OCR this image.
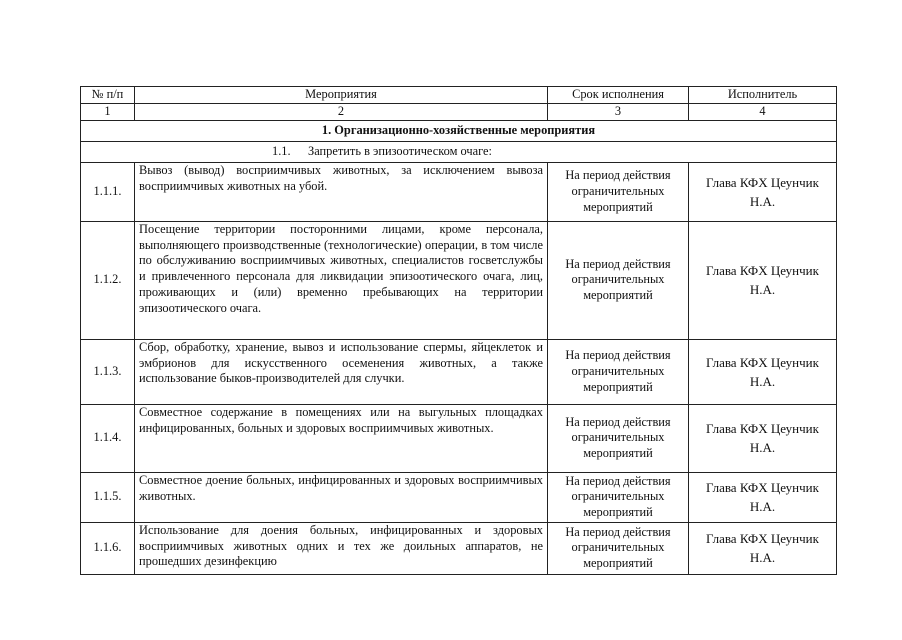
№ п/п	Мероприятия	Срок исполнения	Исполнитель
1	2	3	4
1. Организационно-хозяйственные мероприятия			
1.1. Запретить в эпизоотическом очаге:			
1.1.1.	Вывоз (вывод) восприимчивых животных, за исключением вывоза восприимчивых животных на убой.	На период действия ограничительных мероприятий	Глава КФХ Цеунчик Н.А.
1.1.2.	Посещение территории посторонними лицами, кроме персонала, выполняющего производственные (технологические) операции, в том числе по обслуживанию восприимчивых животных, специалистов госветслужбы и привлеченного персонала для ликвидации эпизоотического очага, лиц, проживающих и (или) временно пребывающих на территории эпизоотического очага.	На период действия ограничительных мероприятий	Глава КФХ Цеунчик Н.А.
1.1.3.	Сбор, обработку, хранение, вывоз и использование спермы, яйцеклеток и эмбрионов для искусственного осеменения животных, а также использование быков-производителей для случки.	На период действия ограничительных мероприятий	Глава КФХ Цеунчик Н.А.
1.1.4.	Совместное содержание в помещениях или на выгульных площадках инфицированных, больных и здоровых восприимчивых животных.	На период действия ограничительных мероприятий	Глава КФХ Цеунчик Н.А.
1.1.5.	Совместное доение больных, инфицированных и здоровых восприимчивых животных.	На период действия ограничительных мероприятий	Глава КФХ Цеунчик Н.А.
1.1.6.	Использование для доения больных, инфицированных и здоровых восприимчивых животных одних и тех же доильных аппаратов, не прошедших дезинфекцию	На период действия ограничительных мероприятий	Глава КФХ Цеунчик Н.А.
